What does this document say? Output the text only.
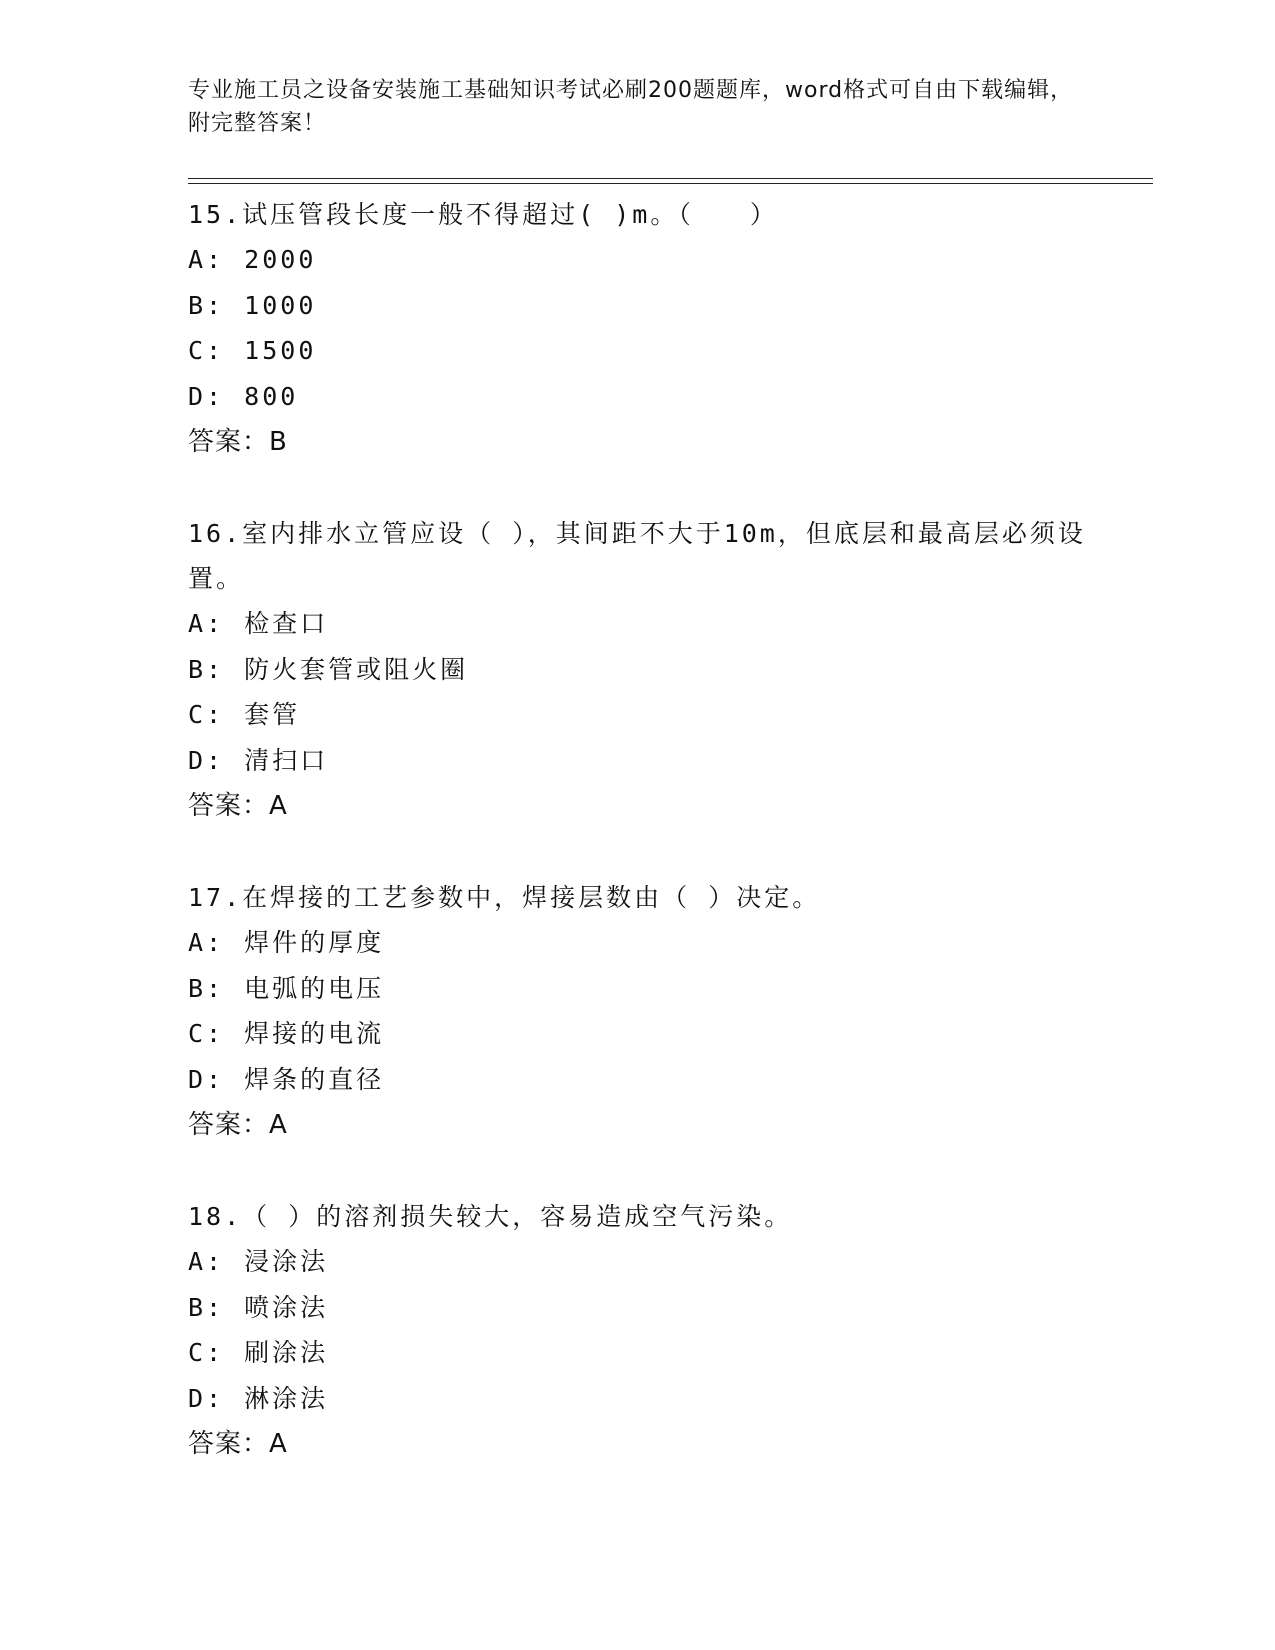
专业施工员之设备安装施工基础知识考试必刷200题题库，word格式可自由下载编辑，附完整答案！

15.试压管段长度一般不得超过( )m。（　　）

A: 2000

B: 1000

C: 1500

D: 800

答案：B

16.室内排水立管应设（ ），其间距不大于10m，但底层和最高层必须设置。

A: 检查口

B: 防火套管或阻火圈

C: 套管

D: 清扫口

答案：A

17.在焊接的工艺参数中，焊接层数由（ ）决定。

A: 焊件的厚度

B: 电弧的电压

C: 焊接的电流

D: 焊条的直径

答案：A

18.（ ）的溶剂损失较大，容易造成空气污染。

A: 浸涂法

B: 喷涂法

C: 刷涂法

D: 淋涂法

答案：A
